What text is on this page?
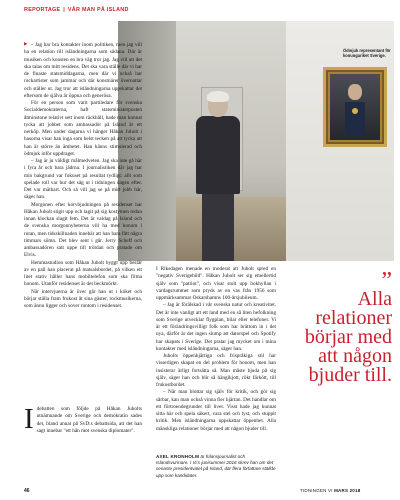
REPORTAGE | VÅR MAN PÅ ISLAND
Ödmjuk representant för konungariket Sverige.

▶ – Jag har bra kontakter inom politiken, men jag vill ha en relation till isländningarna som sådana. Där är musiken och konsten en bra väg tror jag. Jag vill att det ska talas om mitt residens. Det ska vara ställe där vi har de finaste statsmiddagarna, men där vi också har rockartister som jammar och där konstnärer övernattar och ställer ut. Jag tror att isländningarna uppskattar det eftersom de själva är öppna och generösa.

För en person som varit partiledare för svenska Socialdemokraterna, haft statsministerposten åtminstone relativt sett inom räckhåll, bade man kunnat tycka att jobbet som ambassadör på Island är ett nerköp. Men under dagarna vi hänger Håkan Juholt i hasorna visar han inga som helst tecken på att tycka att han är större än ämbetet. Han känns stimulerad och ödmjuk inför uppdraget.

– Jag är ju väldigt målmedveten. Jag ska inte gå här i fyra år och bara jädrna. I journalistiken där jag har min bakgrund var fokuset på resultat tydligt: allt som spelade roll var hur det såg ut i tidningen dagen efter. Det var mätbart. Och så vill jag se på mitt jobb här, säger han.

Morgonen efter korvbjudningen på residenset har Håkan Juholt stigit upp och tagit på sig kostymen redan innan klockan slagit fem. Det är valdag på Island och de svenska morgonnyheterna vill ha med honom i rutan, men tidsskillnaden innebär att han bara fått några timmars sömn. Det blev sent i går. Jerry Scheff och ambassadören satt uppe till trötdan och pratade om Elvis.

Hemmastudion som Håkan Juholt byggt upp består av en pall han placerat på matsalsbordet, på vilken ett litet stativ håller hans mobiltelefon som ska filma honom. Utanför residenset är det beckmörkt.

När intervjuerna är över går han ut i köket och börjar ställa fram frukost åt sina gäster, rockmusikerna, som ännu ligger och sover runtom i residenset.

I debatten som följde på Håkan Juholts utnämnande om Sverige och demokratin sades det, bland annat på SvD:s debattsida, att det han sagt innebar "ett hån mot svenska diplomater".

I Riksdagen menade en moderat att Juholt spred en "negativ Sverigebild". Håkan Juholt ser sig emellertid själv som "patriot", och visar stolt upp bokhyllan i vardagsrummet som pryds av en vas från 1956 som uppmärksammar Oskarshamns 100-årsjubileum.

– Jag är förälskad i vår svenska natur och kreativitet. Det är inte vanligt att ett land med en så liten befolkning som Sverige utvecklar flygplan, bilar eller telefoner. Vi är ett förändringsvilligt folk som har brättom in i det nya, därför är det ingen slump att datorspel och Spotify har skapats i Sverige. Det pratar jag mycket om i mina kontakter med isländningarna, säger han.

Juholts öppenhjärtiga och frispråkiga stil har visserligen skapat en del problem för honom, men han insisterar ärligt fortsätta så. Man måste bjuda på sig själv, säger han och blir så hängikjott, rökt färkött, till frukostbordet.

– När man blottar sig själv för kritik, och gör sig sårbar, kan man också vinna fler hjärtan. Det handlar om ett förtroendegrunder till livet. Visst hade jag kunnat sitta här och spela säkert, vara stel och tyst, och stuppit kritik. Men isländningarna uppskattar öppenhet. Alla mänskliga relationer börjar med att någon bjuder till.

”
Alla relationer börjar med att någon bjuder till.
AXEL KRONHOLM är frilansjournalist och Islandsvurmare. I Vi:s junisummer 2016 skrev han om det senaste presidentvalet på Island, där flera författare ställde upp som kandidater.
46	TIDNINGEN VI MARS 2018
